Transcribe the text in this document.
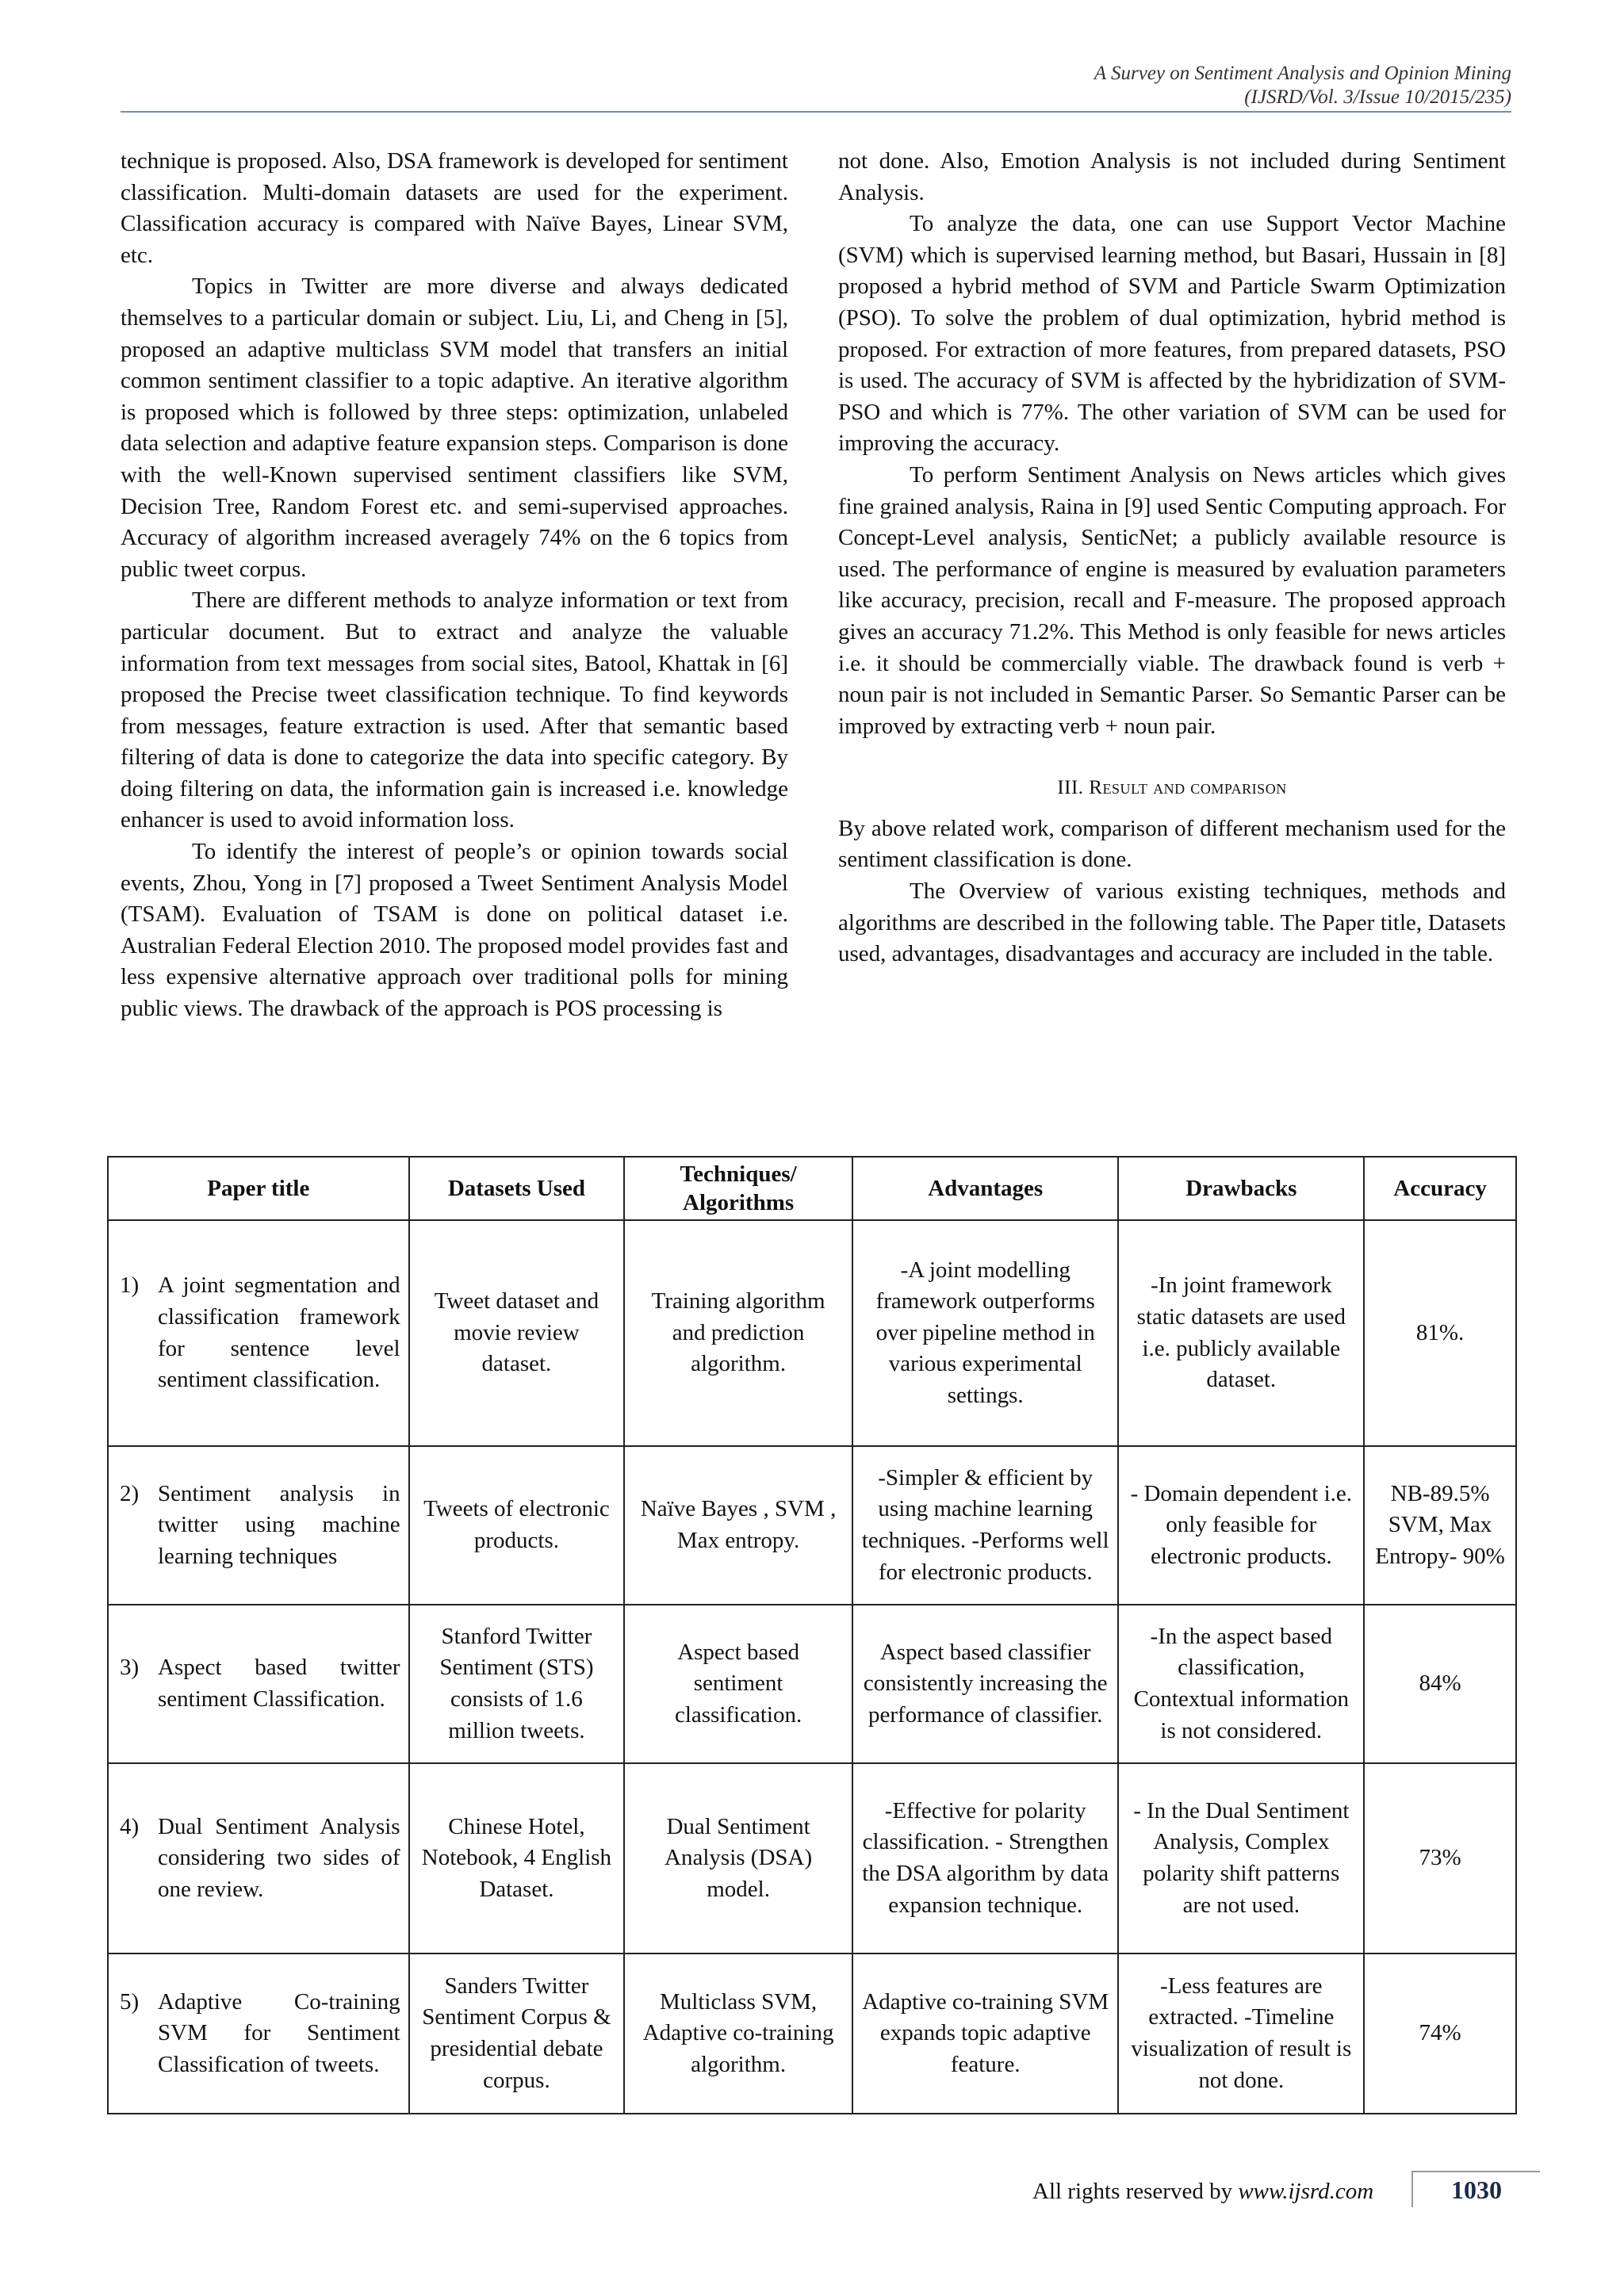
A Survey on Sentiment Analysis and Opinion Mining
(IJSRD/Vol. 3/Issue 10/2015/235)

technique is proposed. Also, DSA framework is developed for sentiment classification. Multi-domain datasets are used for the experiment. Classification accuracy is compared with Naïve Bayes, Linear SVM, etc.

Topics in Twitter are more diverse and always dedicated themselves to a particular domain or subject. Liu, Li, and Cheng in [5], proposed an adaptive multiclass SVM model that transfers an initial common sentiment classifier to a topic adaptive. An iterative algorithm is proposed which is followed by three steps: optimization, unlabeled data selection and adaptive feature expansion steps. Comparison is done with the well-Known supervised sentiment classifiers like SVM, Decision Tree, Random Forest etc. and semi-supervised approaches. Accuracy of algorithm increased averagely 74% on the 6 topics from public tweet corpus.

There are different methods to analyze information or text from particular document. But to extract and analyze the valuable information from text messages from social sites, Batool, Khattak in [6] proposed the Precise tweet classification technique. To find keywords from messages, feature extraction is used. After that semantic based filtering of data is done to categorize the data into specific category. By doing filtering on data, the information gain is increased i.e. knowledge enhancer is used to avoid information loss.

To identify the interest of people’s or opinion towards social events, Zhou, Yong in [7] proposed a Tweet Sentiment Analysis Model (TSAM). Evaluation of TSAM is done on political dataset i.e. Australian Federal Election 2010. The proposed model provides fast and less expensive alternative approach over traditional polls for mining public views. The drawback of the approach is POS processing is

not done. Also, Emotion Analysis is not included during Sentiment Analysis.

To analyze the data, one can use Support Vector Machine (SVM) which is supervised learning method, but Basari, Hussain in [8] proposed a hybrid method of SVM and Particle Swarm Optimization (PSO). To solve the problem of dual optimization, hybrid method is proposed. For extraction of more features, from prepared datasets, PSO is used. The accuracy of SVM is affected by the hybridization of SVM-PSO and which is 77%. The other variation of SVM can be used for improving the accuracy.

To perform Sentiment Analysis on News articles which gives fine grained analysis, Raina in [9] used Sentic Computing approach. For Concept-Level analysis, SenticNet; a publicly available resource is used. The performance of engine is measured by evaluation parameters like accuracy, precision, recall and F-measure. The proposed approach gives an accuracy 71.2%. This Method is only feasible for news articles i.e. it should be commercially viable. The drawback found is verb + noun pair is not included in Semantic Parser. So Semantic Parser can be improved by extracting verb + noun pair.

III. Result and comparison

By above related work, comparison of different mechanism used for the sentiment classification is done.

The Overview of various existing techniques, methods and algorithms are described in the following table. The Paper title, Datasets used, advantages, disadvantages and accuracy are included in the table.

Paper title	Datasets Used	Techniques/ Algorithms	Advantages	Drawbacks	Accuracy

1) A joint segmentation and classification framework for sentence level sentiment classification.	Tweet dataset and movie review dataset.	Training algorithm and prediction algorithm.	-A joint modelling framework outperforms over pipeline method in various experimental settings.	-In joint framework static datasets are used i.e. publicly available dataset.	81%.

2) Sentiment analysis in twitter using machine learning techniques	Tweets of electronic products.	Naïve Bayes , SVM , Max entropy.	-Simpler & efficient by using machine learning techniques. -Performs well for electronic products.	- Domain dependent i.e. only feasible for electronic products.	NB-89.5% SVM, Max Entropy- 90%

3) Aspect based twitter sentiment Classification.	Stanford Twitter Sentiment (STS) consists of 1.6 million tweets.	Aspect based sentiment classification.	Aspect based classifier consistently increasing the performance of classifier.	-In the aspect based classification, Contextual information is not considered.	84%

4) Dual Sentiment Analysis considering two sides of one review.	Chinese Hotel, Notebook, 4 English Dataset.	Dual Sentiment Analysis (DSA) model.	-Effective for polarity classification. - Strengthen the DSA algorithm by data expansion technique.	- In the Dual Sentiment Analysis, Complex polarity shift patterns are not used.	73%

5) Adaptive Co-training SVM for Sentiment Classification of tweets.	Sanders Twitter Sentiment Corpus & presidential debate corpus.	Multiclass SVM, Adaptive co-training algorithm.	Adaptive co-training SVM expands topic adaptive feature.	-Less features are extracted. -Timeline visualization of result is not done.	74%
All rights reserved by www.ijsrd.com	1030
